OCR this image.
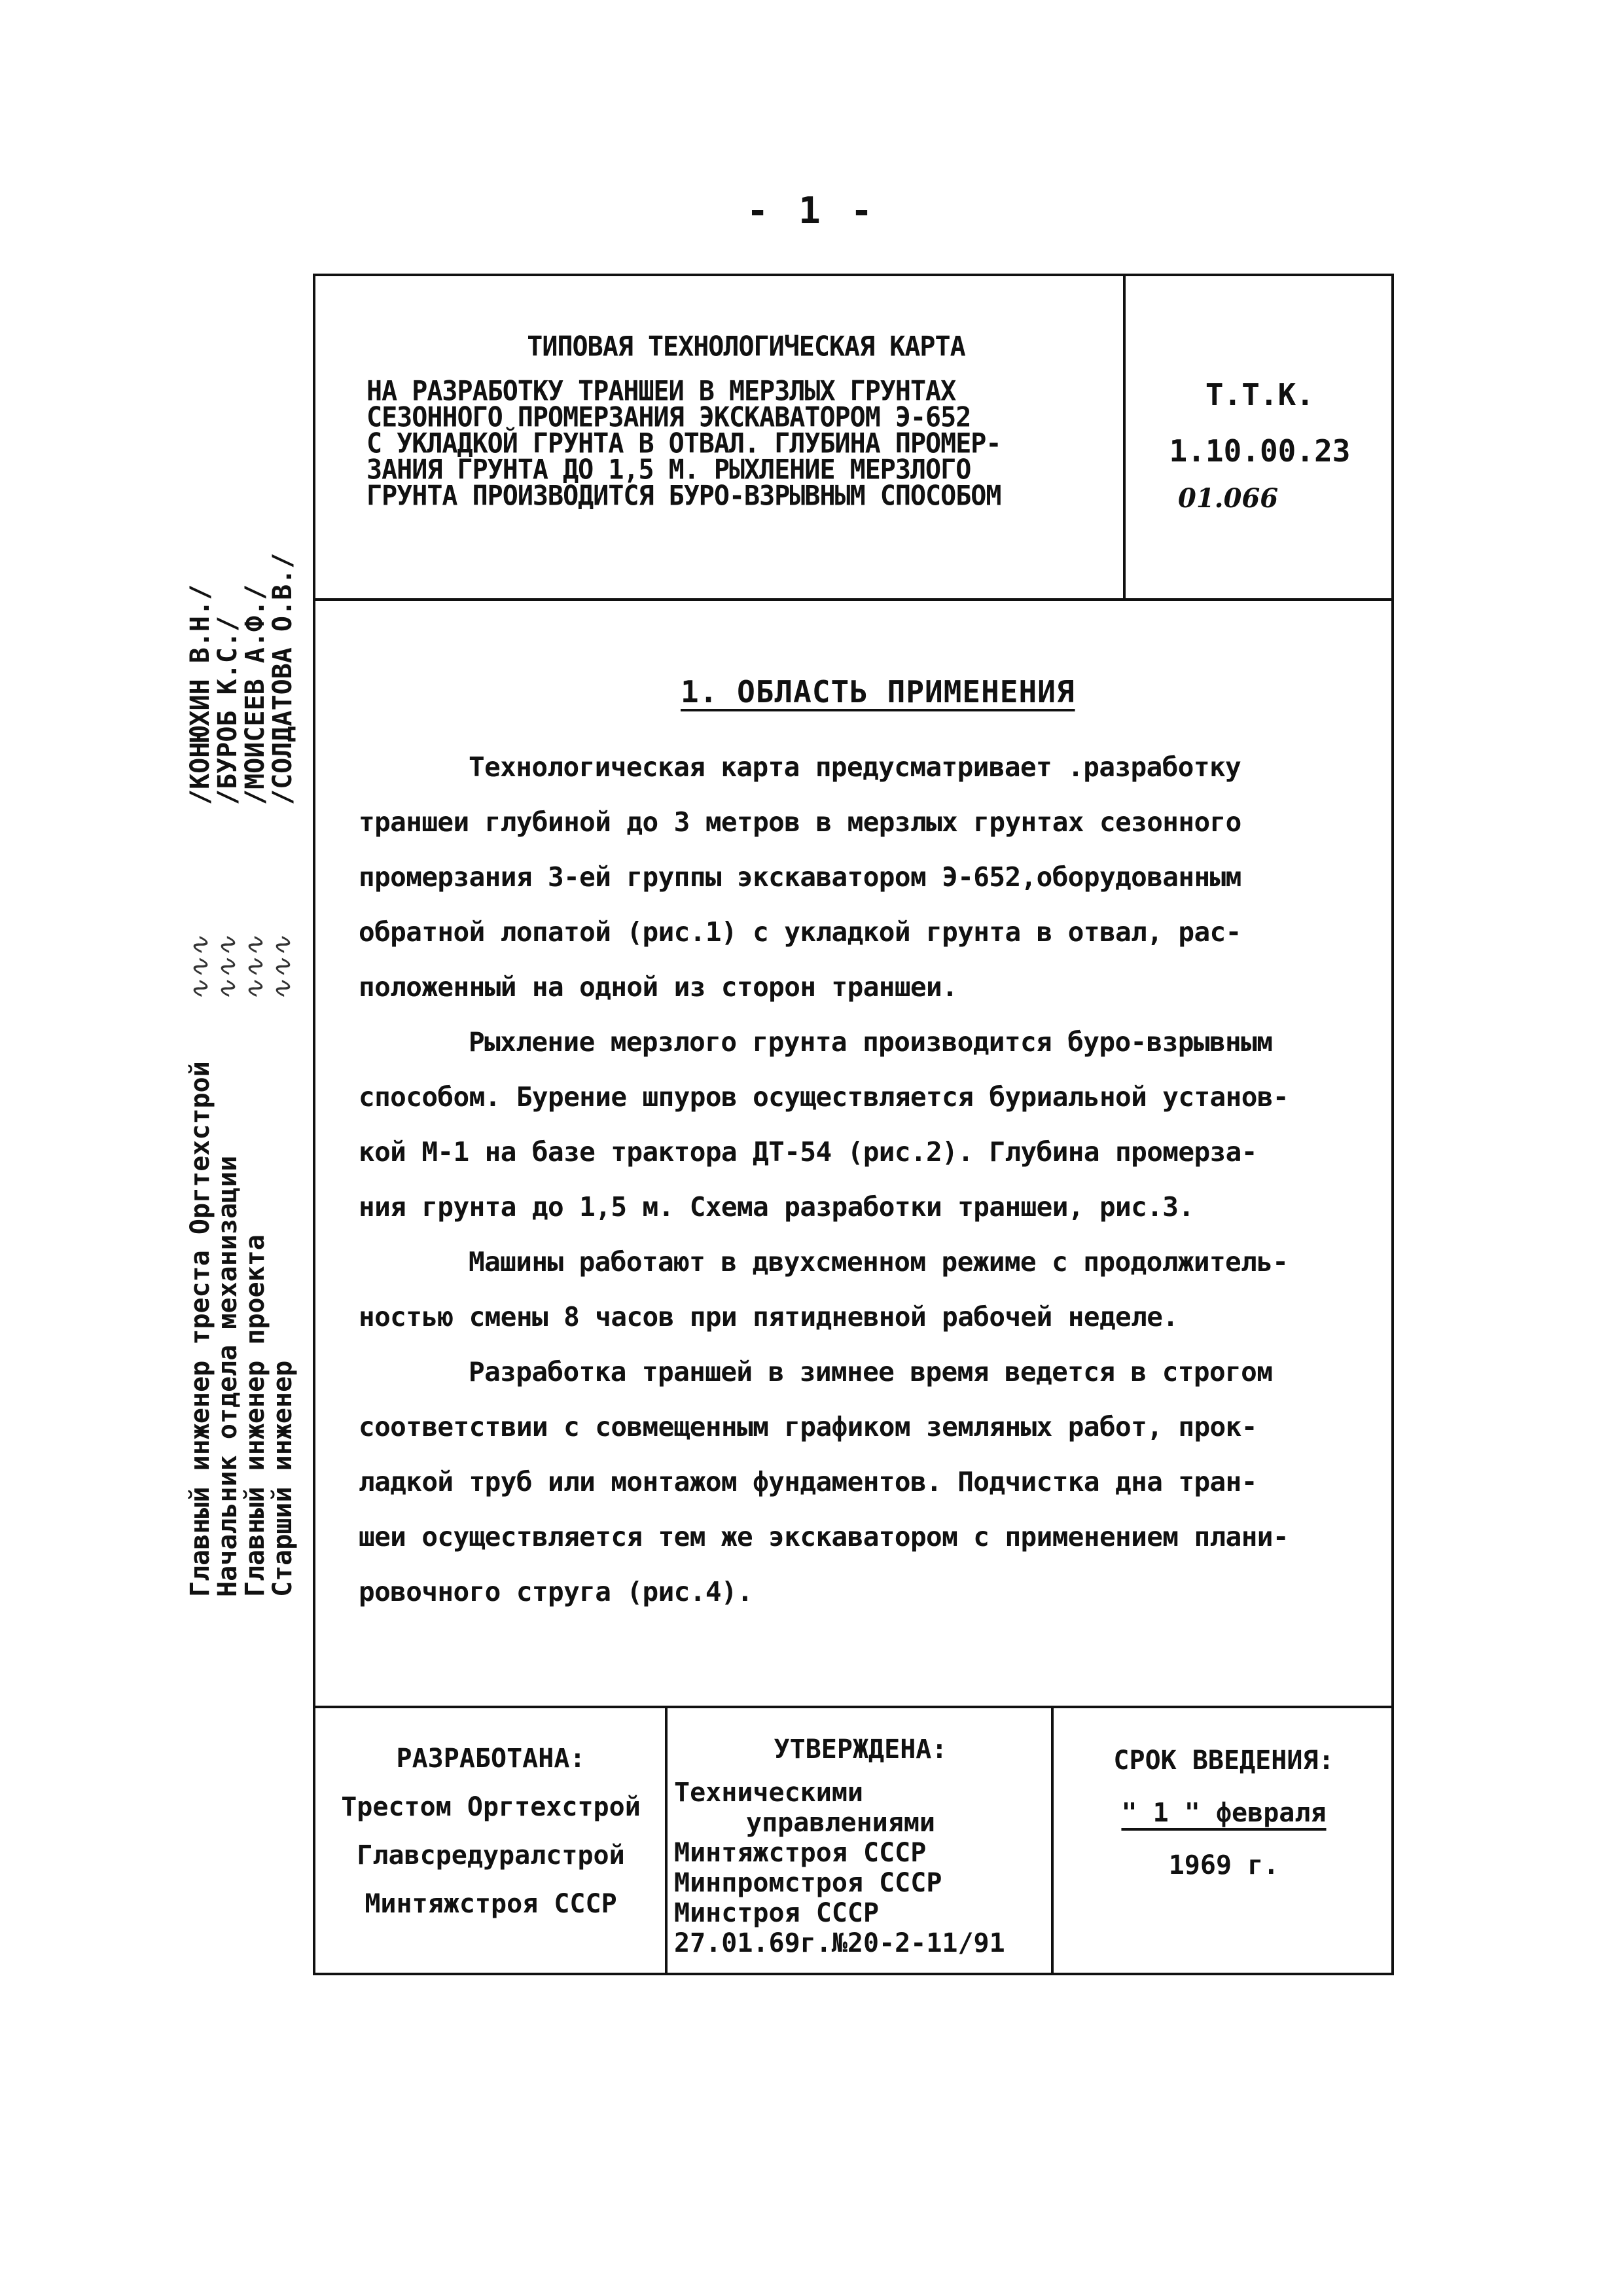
- 1 -
ТИПОВАЯ ТЕХНОЛОГИЧЕСКАЯ КАРТА
НА РАЗРАБОТКУ ТРАНШЕИ В МЕРЗЛЫХ ГРУНТАХ
СЕЗОННОГО ПРОМЕРЗАНИЯ ЭКСКАВАТОРОМ Э-652
С УКЛАДКОЙ ГРУНТА В ОТВАЛ. ГЛУБИНА ПРОМЕР-
ЗАНИЯ ГРУНТА ДО 1,5 М. РЫХЛЕНИЕ МЕРЗЛОГО
ГРУНТА ПРОИЗВОДИТСЯ БУРО-ВЗРЫВНЫМ СПОСОБОМ
Т.Т.К.
1.10.00.23
01.066
1. ОБЛАСТЬ ПРИМЕНЕНИЯ
Технологическая карта предусматривает .разработку
траншеи глубиной до 3 метров в мерзлых грунтах сезонного
промерзания 3-ей группы экскаватором Э-652,оборудованным
обратной лопатой (рис.1) с укладкой грунта в отвал, рас-
положенный на одной из сторон траншеи.
Рыхление мерзлого грунта производится буро-взрывным
способом. Бурение шпуров осуществляется буриальной установ-
кой М-1 на базе трактора ДТ-54 (рис.2). Глубина промерза-
ния грунта до 1,5 м. Схема разработки траншеи, рис.3.
Машины работают в двухсменном режиме с продолжитель-
ностью смены 8 часов при пятидневной рабочей неделе.
Разработка траншей в зимнее время ведется в строгом
соответствии с совмещенным графиком земляных работ, прок-
ладкой труб или монтажом фундаментов. Подчистка дна тран-
шеи осуществляется тем же экскаватором с применением плани-
ровочного струга (рис.4).
РАЗРАБОТАНА:
Трестом Оргтехстрой
Главсредуралстрой
Минтяжстроя СССР
УТВЕРЖДЕНА:
Техническими
управлениями
Минтяжстроя СССР
Минпромстроя СССР
Минстроя СССР
27.01.69г.№20-2-11/91
СРОК ВВЕДЕНИЯ:
" 1 " февраля
1969 г.
Главный инженер треста Оргтехстрой
∿∿∿
/КОНЮХИН В.Н./
Начальник отдела механизации
∿∿∿
/БУРОБ К.С./
Главный инженер проекта
∿∿∿
/МОИСЕЕВ А.Ф./
Старший инженер
∿∿∿
/СОЛДАТОВА О.В./
